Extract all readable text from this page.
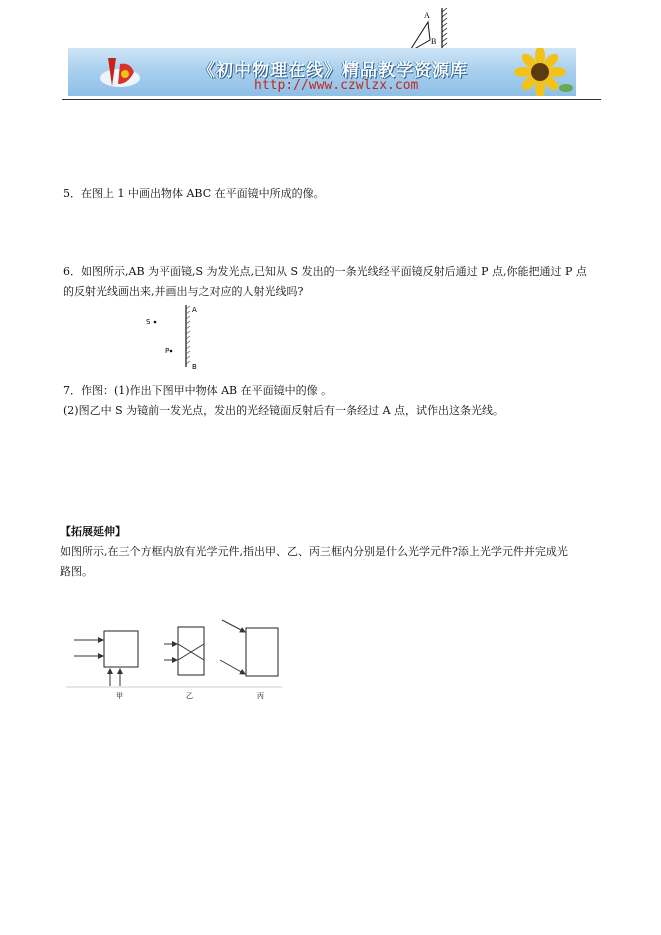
A
B
《初中物理在线》精品教学资源库
http://www.czwlzx.com
5．在图上 1 中画出物体 ABC 在平面镜中所成的像。
6．如图所示,AB 为平面镜,S 为发光点,已知从 S 发出的一条光线经平面镜反射后通过 P 点,你能把通过 P 点
的反射光线画出来,并画出与之对应的人射光线吗?
S
P
A
B
7．作图：(1)作出下图甲中物体 AB 在平面镜中的像 。
(2)图乙中 S 为镜前一发光点，发出的光经镜面反射后有一条经过 A 点，试作出这条光线。
【拓展延伸】
如图所示,在三个方框内放有光学元件,指出甲、乙、丙三框内分别是什么光学元件?添上光学元件并完成光
路图。
甲	乙	丙
